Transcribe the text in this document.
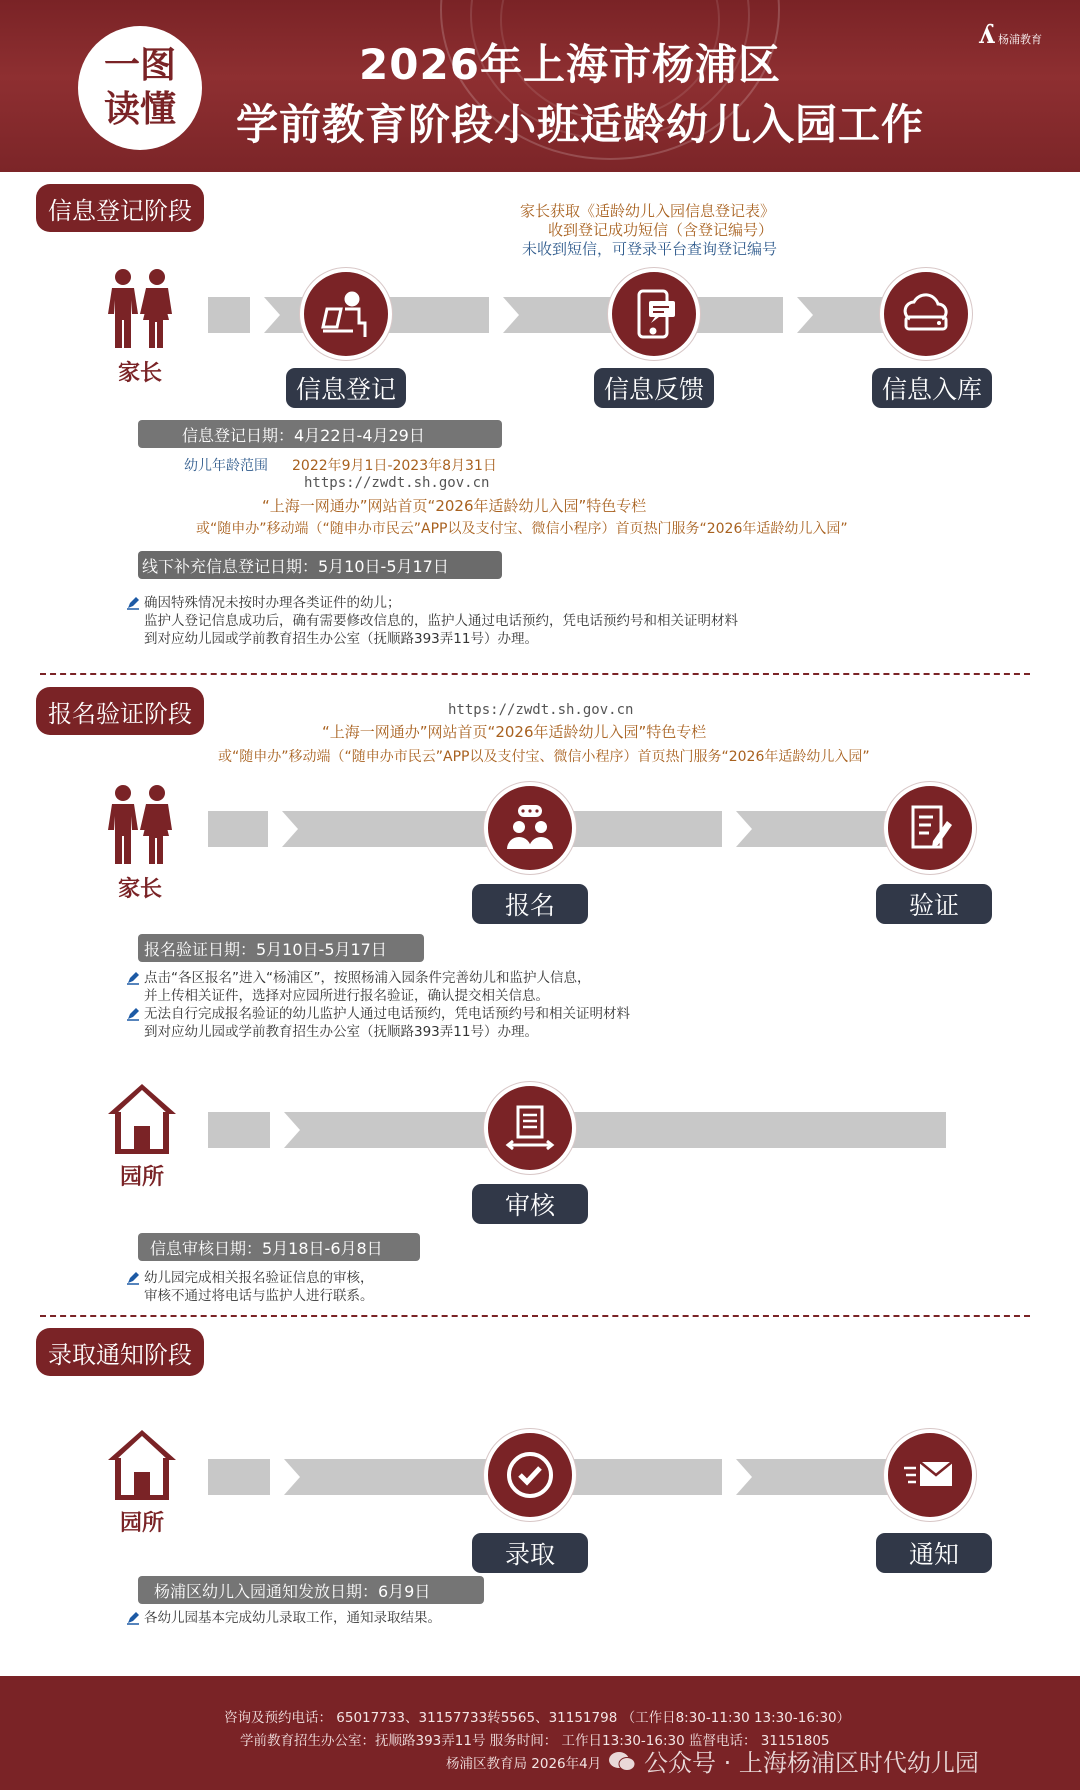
一图
读懂
2026年上海市杨浦区
学前教育阶段小班适龄幼儿入园工作
ʎ 杨浦教育
信息登记阶段	家长获取《适龄幼儿入园信息登记表》
收到登记成功短信（含登记编号）
未收到短信，可登录平台查询登记编号
家长
信息登记	信息反馈	信息入库
信息登记日期：4月22日-4月29日
幼儿年龄范围 2022年9月1日-2023年8月31日
https://zwdt.sh.gov.cn
“上海一网通办”网站首页“2026年适龄幼儿入园”特色专栏
或“随申办”移动端（“随申办市民云”APP以及支付宝、微信小程序）首页热门服务“2026年适龄幼儿入园”
线下补充信息登记日期：5月10日-5月17日
确因特殊情况未按时办理各类证件的幼儿；
监护人登记信息成功后，确有需要修改信息的，监护人通过电话预约，凭电话预约号和相关证明材料
到对应幼儿园或学前教育招生办公室（抚顺路393弄11号）办理。
报名验证阶段	https://zwdt.sh.gov.cn
“上海一网通办”网站首页“2026年适龄幼儿入园”特色专栏
或“随申办”移动端（“随申办市民云”APP以及支付宝、微信小程序）首页热门服务“2026年适龄幼儿入园”
家长
报名	验证
报名验证日期：5月10日-5月17日
点击“各区报名”进入“杨浦区”，按照杨浦入园条件完善幼儿和监护人信息，
并上传相关证件，选择对应园所进行报名验证，确认提交相关信息。
无法自行完成报名验证的幼儿监护人通过电话预约，凭电话预约号和相关证明材料
到对应幼儿园或学前教育招生办公室（抚顺路393弄11号）办理。
园所
审核
信息审核日期：5月18日-6月8日
幼儿园完成相关报名验证信息的审核，
审核不通过将电话与监护人进行联系。
录取通知阶段
园所
录取	通知
杨浦区幼儿入园通知发放日期：6月9日
各幼儿园基本完成幼儿录取工作，通知录取结果。
咨询及预约电话： 65017733、31157733转5565、31151798 （工作日8:30-11:30 13:30-16:30）
学前教育招生办公室：抚顺路393弄11号 服务时间： 工作日13:30-16:30 监督电话： 31151805
杨浦区教育局 2026年4月 公众号 · 上海杨浦区时代幼儿园
